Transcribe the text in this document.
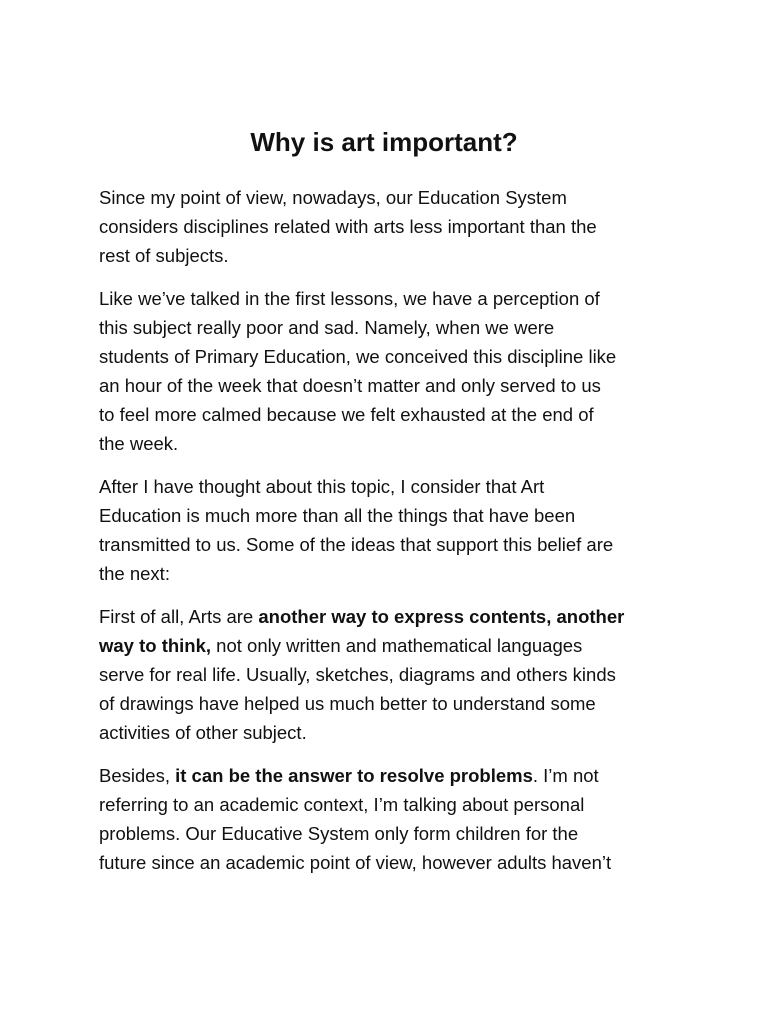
Why is art important?

Since my point of view, nowadays, our Education System
considers disciplines related with arts less important than the
rest of subjects.

Like we’ve talked in the first lessons, we have a perception of
this subject really poor and sad. Namely, when we were
students of Primary Education, we conceived this discipline like
an hour of the week that doesn’t matter and only served to us
to feel more calmed because we felt exhausted at the end of
the week.

After I have thought about this topic, I consider that Art
Education is much more than all the things that have been
transmitted to us. Some of the ideas that support this belief are
the next:

First of all, Arts are another way to express contents, another
way to think, not only written and mathematical languages
serve for real life. Usually, sketches, diagrams and others kinds
of drawings have helped us much better to understand some
activities of other subject.

Besides, it can be the answer to resolve problems. I’m not
referring to an academic context, I’m talking about personal
problems. Our Educative System only form children for the
future since an academic point of view, however adults haven’t
